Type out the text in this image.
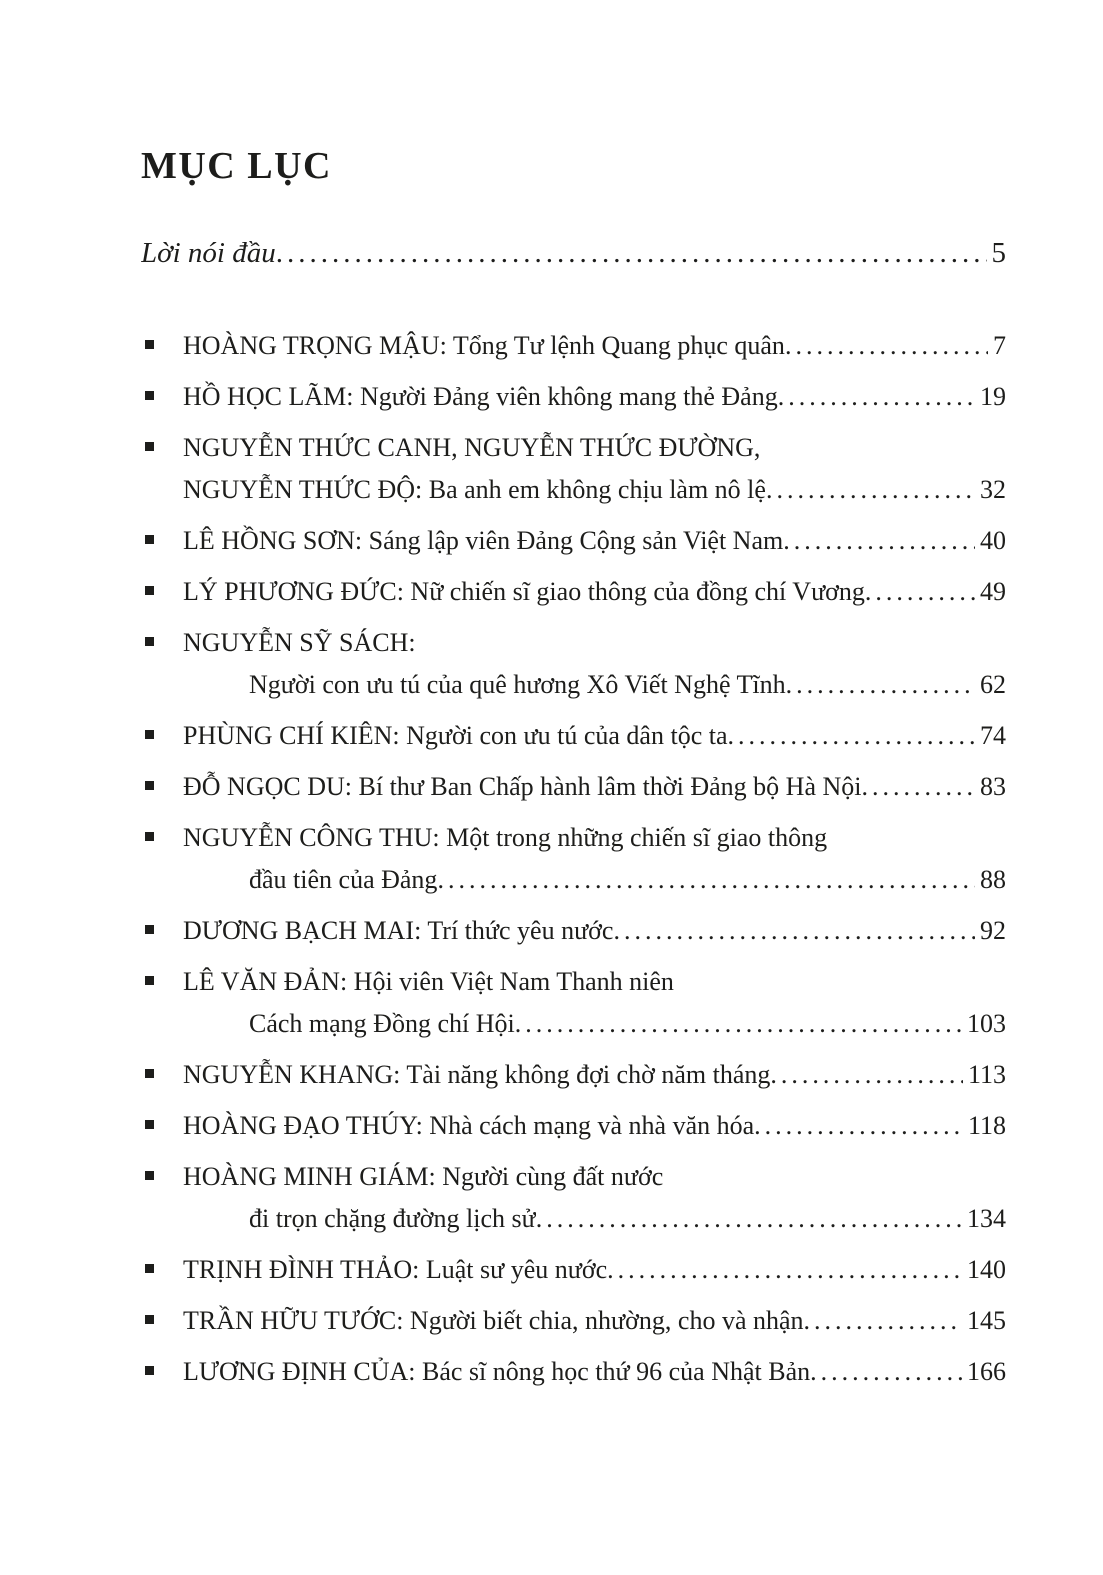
MỤC LỤC
Lời nói đầu .....	5
HOÀNG TRỌNG MẬU: Tổng Tư lệnh Quang phục quân .....	7
HỒ HỌC LÃM: Người Đảng viên không mang thẻ Đảng .....	19
NGUYỄN THỨC CANH, NGUYỄN THỨC ĐƯỜNG,
NGUYỄN THỨC ĐỘ: Ba anh em không chịu làm nô lệ .....	32
LÊ HỒNG SƠN: Sáng lập viên Đảng Cộng sản Việt Nam .....	40
LÝ PHƯƠNG ĐỨC: Nữ chiến sĩ giao thông của đồng chí Vương .....	49
NGUYỄN SỸ SÁCH:
Người con ưu tú của quê hương Xô Viết Nghệ Tĩnh .....	62
PHÙNG CHÍ KIÊN: Người con ưu tú của dân tộc ta .....	74
ĐỖ NGỌC DU: Bí thư Ban Chấp hành lâm thời Đảng bộ Hà Nội .....	83
NGUYỄN CÔNG THU: Một trong những chiến sĩ giao thông
đầu tiên của Đảng .....	88
DƯƠNG BẠCH MAI: Trí thức yêu nước .....	92
LÊ VĂN ĐẢN: Hội viên Việt Nam Thanh niên
Cách mạng Đồng chí Hội .....	103
NGUYỄN KHANG: Tài năng không đợi chờ năm tháng .....	113
HOÀNG ĐẠO THÚY: Nhà cách mạng và nhà văn hóa .....	118
HOÀNG MINH GIÁM: Người cùng đất nước
đi trọn chặng đường lịch sử .....	134
TRỊNH ĐÌNH THẢO: Luật sư yêu nước .....	140
TRẦN HỮU TƯỚC: Người biết chia, nhường, cho và nhận .....	145
LƯƠNG ĐỊNH CỦA: Bác sĩ nông học thứ 96 của Nhật Bản .....	166
